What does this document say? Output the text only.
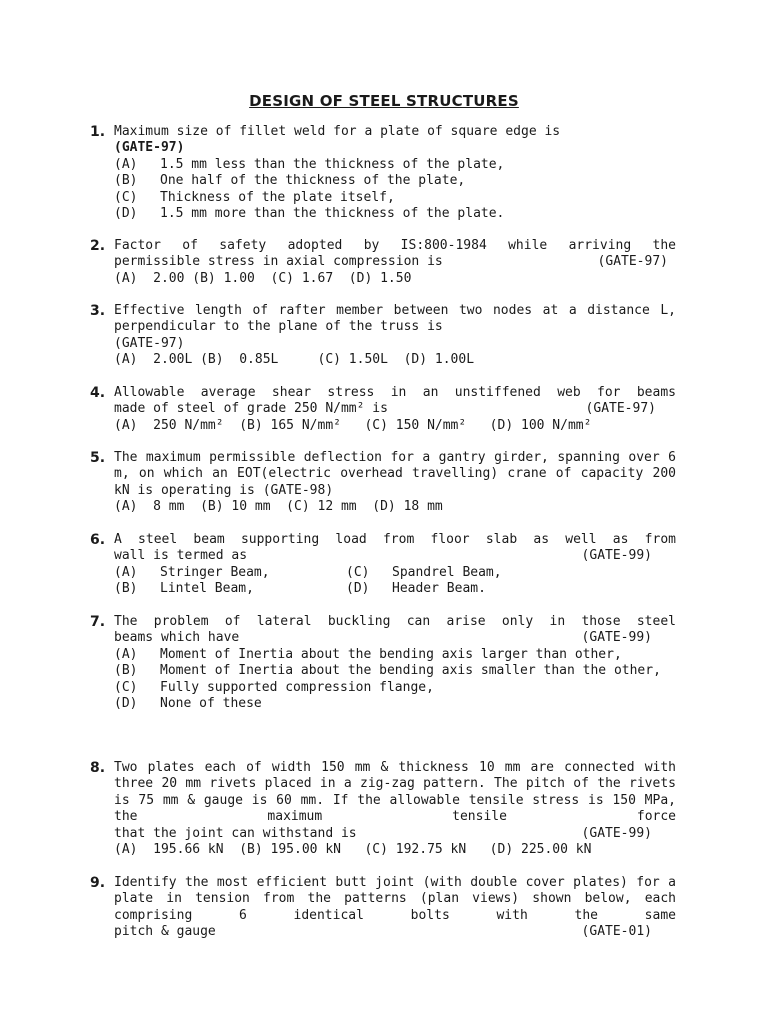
DESIGN OF STEEL STRUCTURES
1. Maximum size of fillet weld for a plate of square edge is
(GATE-97)
(A)	1.5 mm less than the thickness of the plate,
(B)	One half of the thickness of the plate,
(C)	Thickness of the plate itself,
(D)	1.5 mm more than the thickness of the plate.
2. Factor of safety adopted by IS:800-1984 while arriving the
permissible stress in axial compression is	(GATE-97)
(A)  2.00 (B) 1.00  (C) 1.67  (D) 1.50
3. Effective length of rafter member between two nodes at a distance L, perpendicular to the plane of the truss is
(GATE-97)
(A)  2.00L (B)  0.85L     (C) 1.50L  (D) 1.00L
4. Allowable average shear stress in an unstiffened web for beams
made of steel of grade 250 N/mm² is	(GATE-97)
(A)  250 N/mm²  (B) 165 N/mm²   (C) 150 N/mm²   (D) 100 N/mm²
5. The maximum permissible deflection for a gantry girder, spanning over 6 m, on which an EOT(electric overhead travelling) crane of capacity 200 kN is operating is (GATE-98)
(A)  8 mm  (B) 10 mm  (C) 12 mm  (D) 18 mm
6. A steel beam supporting load from floor slab as well as from
wall is termed as	(GATE-99)
(A)	Stringer Beam,	(C)	Spandrel Beam,
(B)	Lintel Beam,	(D)	Header Beam.
7. The problem of lateral buckling can arise only in those steel
beams which have	(GATE-99)
(A)	Moment of Inertia about the bending axis larger than other,
(B)	Moment of Inertia about the bending axis smaller than the other,
(C)	Fully supported compression flange,
(D)	None of these
8. Two plates each of width 150 mm & thickness 10 mm are connected with three 20 mm rivets placed in a zig-zag pattern. The pitch of the rivets is 75 mm & gauge is 60 mm. If the allowable tensile stress is 150 MPa, the maximum tensile force
that the joint can withstand is	(GATE-99)
(A)  195.66 kN  (B) 195.00 kN   (C) 192.75 kN   (D) 225.00 kN
9. Identify the most efficient butt joint (with double cover plates) for a plate in tension from the patterns (plan views) shown below, each comprising 6 identical bolts with the same
pitch & gauge	(GATE-01)
